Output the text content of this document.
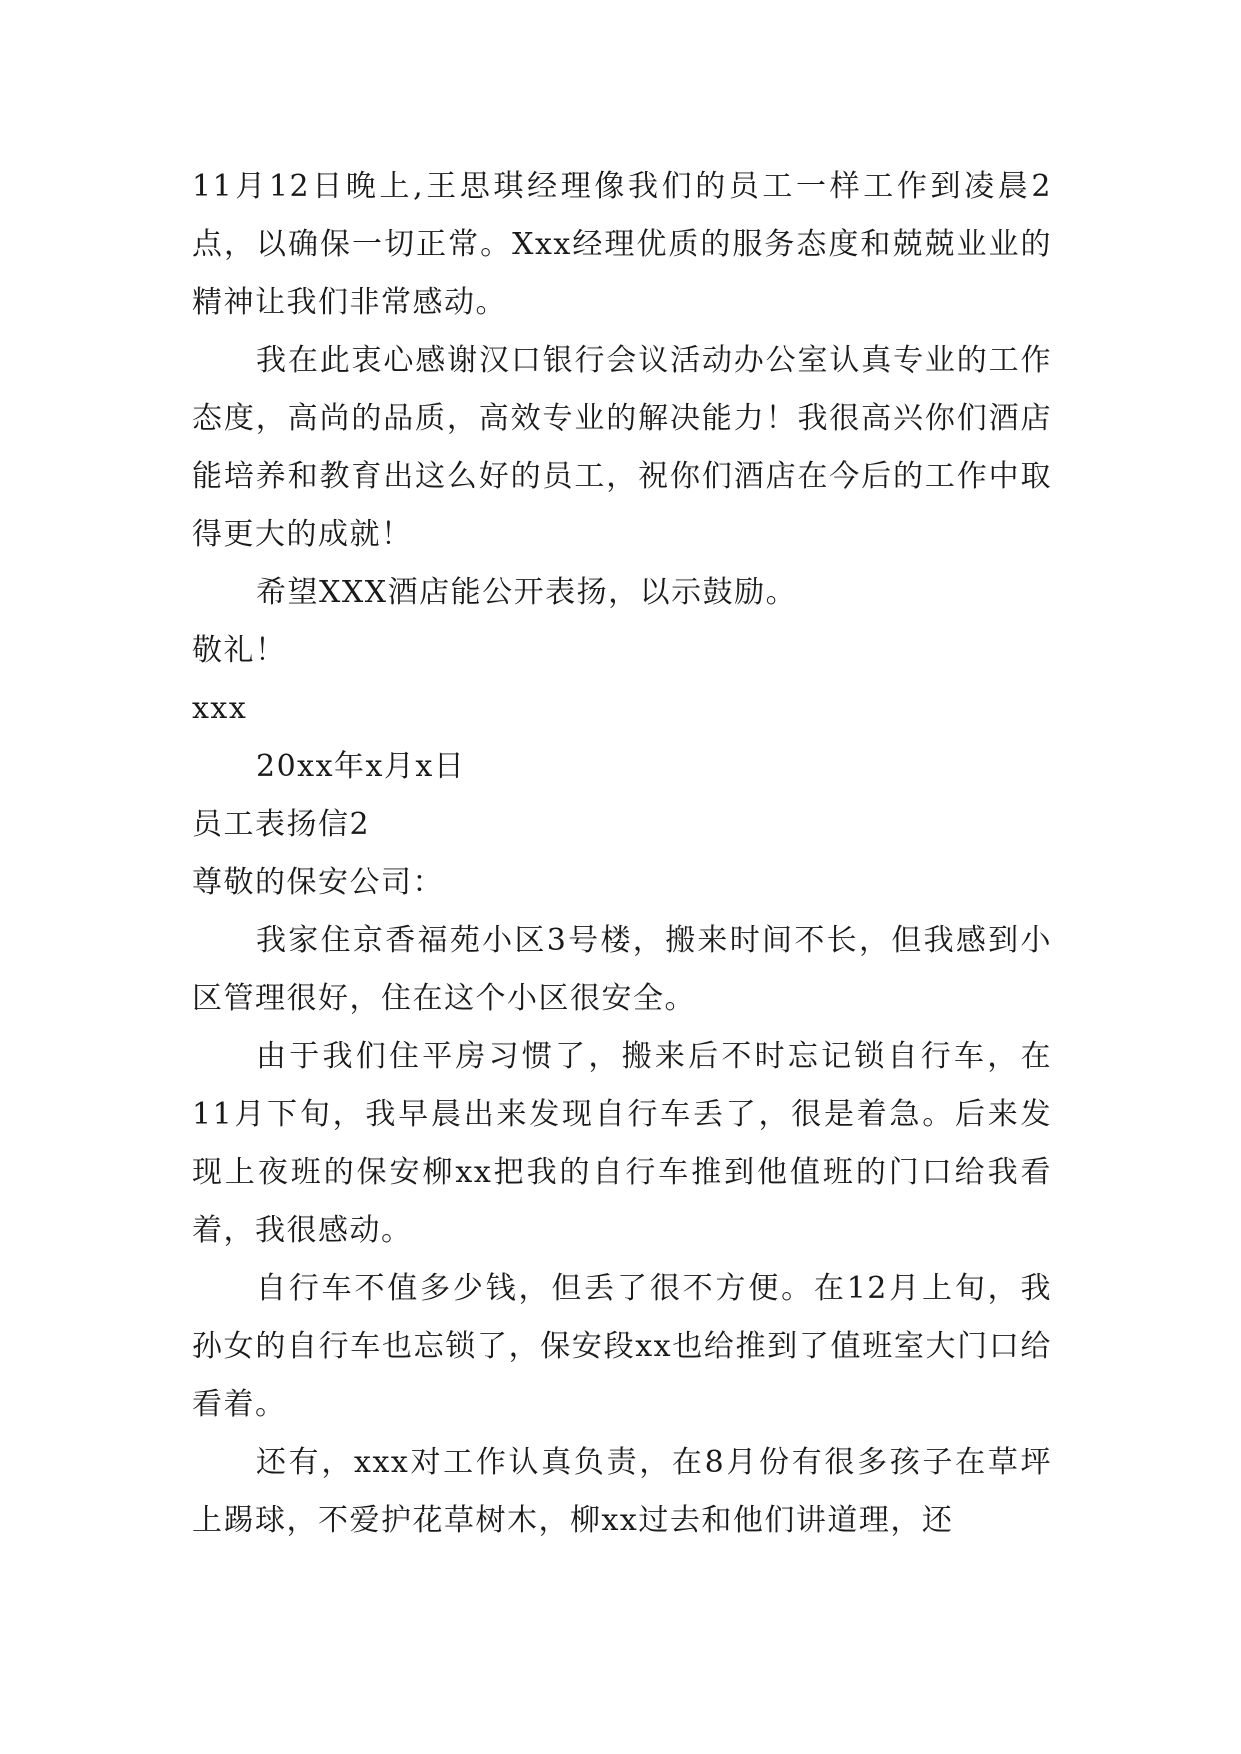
11月12日晚上,王思琪经理像我们的员工一样工作到凌晨2点，以确保一切正常。Xxx经理优质的服务态度和兢兢业业的精神让我们非常感动。

我在此衷心感谢汉口银行会议活动办公室认真专业的工作态度，高尚的品质，高效专业的解决能力！我很高兴你们酒店能培养和教育出这么好的员工，祝你们酒店在今后的工作中取得更大的成就！

希望XXX酒店能公开表扬，以示鼓励。

敬礼！

xxx

20xx年x月x日

员工表扬信2

尊敬的保安公司：

我家住京香福苑小区3号楼，搬来时间不长，但我感到小区管理很好，住在这个小区很安全。

由于我们住平房习惯了，搬来后不时忘记锁自行车，在11月下旬，我早晨出来发现自行车丢了，很是着急。后来发现上夜班的保安柳xx把我的自行车推到他值班的门口给我看着，我很感动。

自行车不值多少钱，但丢了很不方便。在12月上旬，我孙女的自行车也忘锁了，保安段xx也给推到了值班室大门口给看着。

还有，xxx对工作认真负责，在8月份有很多孩子在草坪上踢球，不爱护花草树木，柳xx过去和他们讲道理，还
